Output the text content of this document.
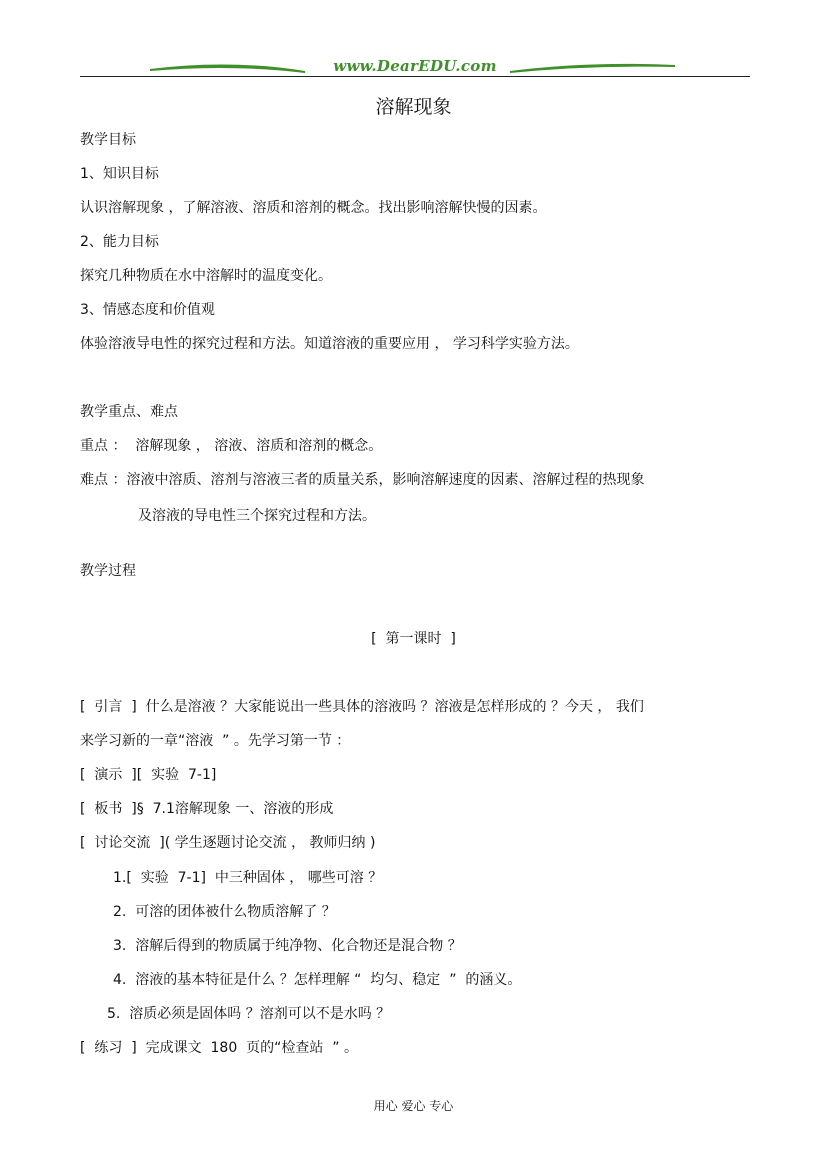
www.DearEDU.com
溶解现象
教学目标
1、知识目标
认识溶解现象 ，了解溶液、溶质和溶剂的概念。找出影响溶解快慢的因素。
2、能力目标
探究几种物质在水中溶解时的温度变化。
3、情感态度和价值观
体验溶液导电性的探究过程和方法。知道溶液的重要应用 ， 学习科学实验方法。
教学重点、难点
重点 ：  溶解现象 ， 溶液、溶质和溶剂的概念。
难点 ：溶液中溶质、溶剂与溶液三者的质量关系，影响溶解速度的因素、溶解过程的热现象
及溶液的导电性三个探究过程和方法。
教学过程
[  第一课时  ]
[  引言  ]  什么是溶液 ？大家能说出一些具体的溶液吗 ？溶液是怎样形成的 ？今天 ， 我们
来学习新的一章“溶液  ” 。先学习第一节 ：
[  演示  ][  实验  7-1]
[  板书  ]§  7.1溶解现象 一、溶液的形成
[  讨论交流  ]( 学生逐题讨论交流 ， 教师归纳 )
1.[  实验  7-1]  中三种固体 ， 哪些可溶 ？
2.  可溶的团体被什么物质溶解了 ？
3.  溶解后得到的物质属于纯净物、化合物还是混合物 ？
4.  溶液的基本特征是什么 ？怎样理解 “  均匀、稳定  ”  的涵义。
5.  溶质必须是固体吗 ？溶剂可以不是水吗 ？
[  练习  ]  完成课文  180  页的“检查站  ” 。
用心 爱心 专心
